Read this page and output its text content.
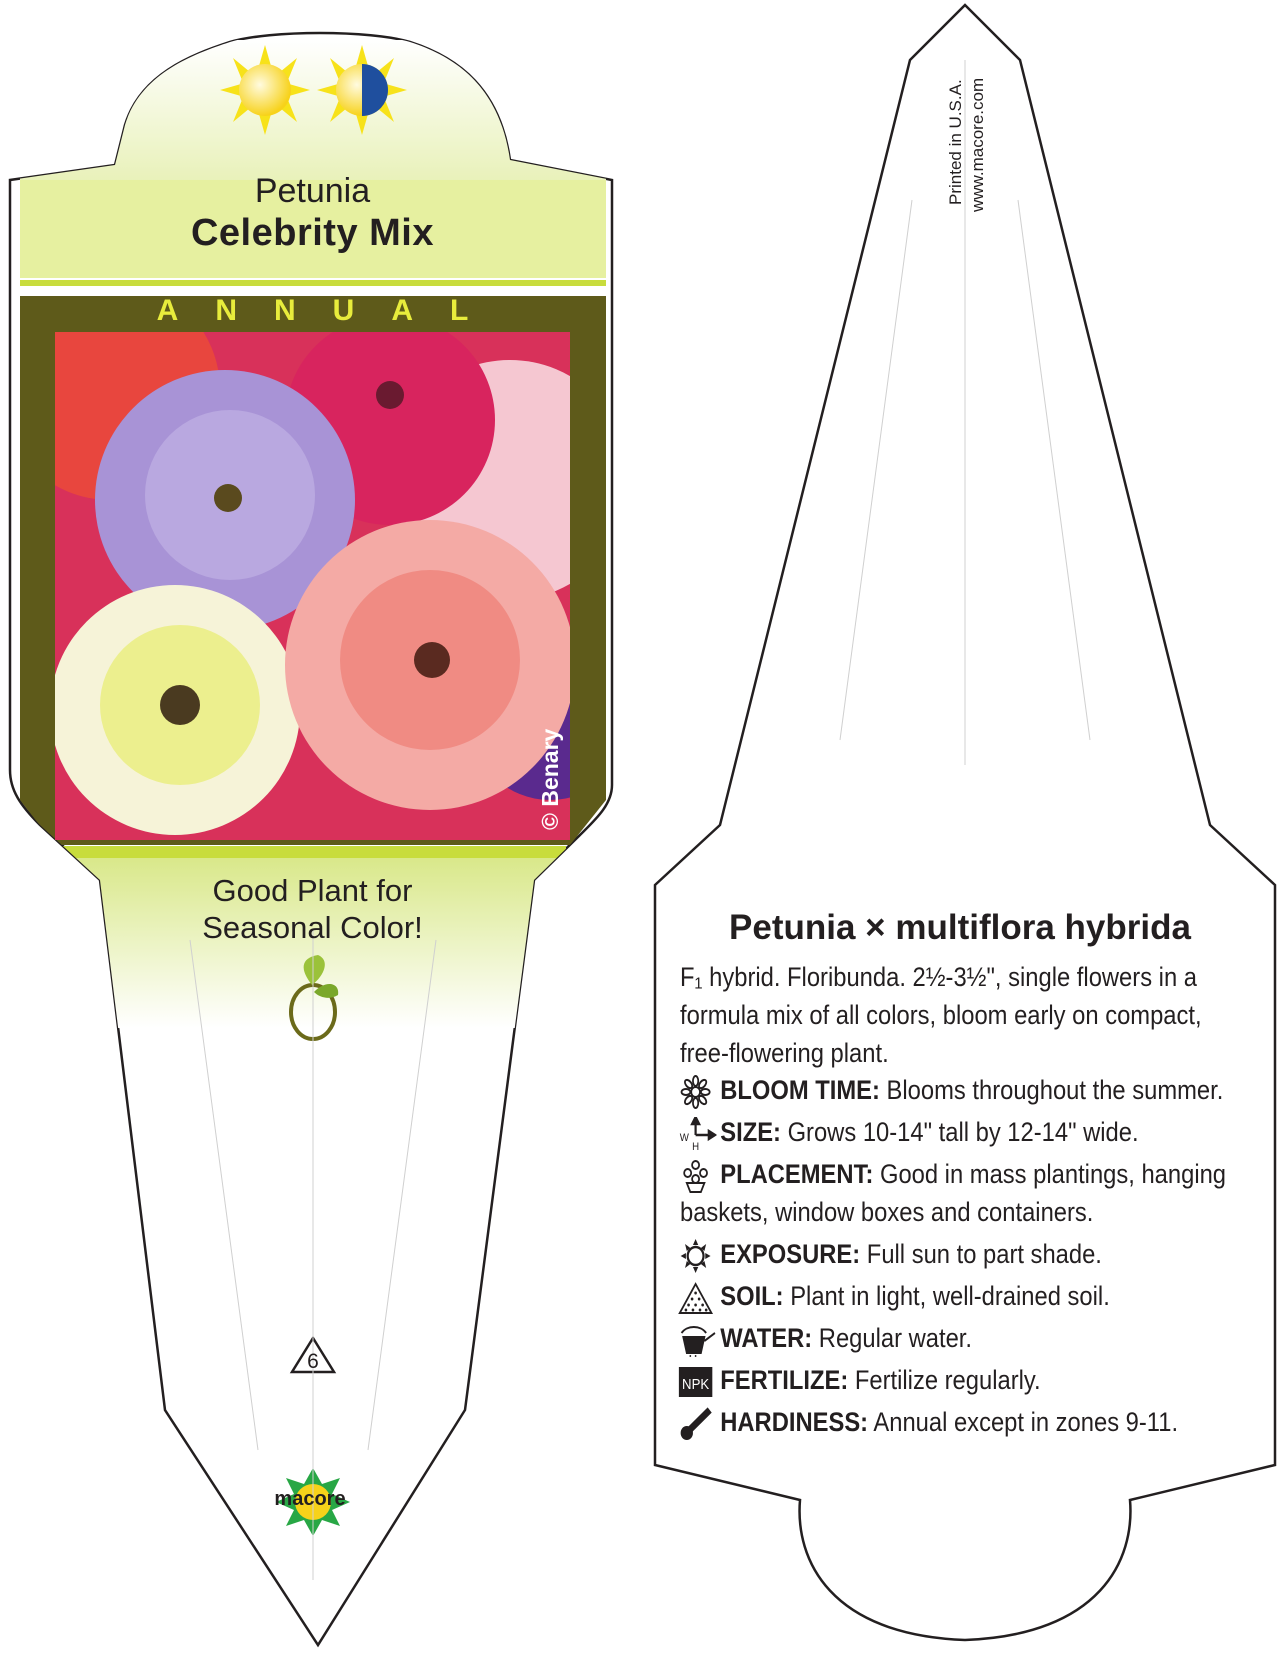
Petunia
Celebrity Mix
ANNUAL
© Benary
Good Plant for
Seasonal Color!
6
macore
Printed in U.S.A. www.macore.com
Petunia × multiflora hybrida
F₁ hybrid. Floribunda. 2½-3½", single flowers in a
formula mix of all colors, bloom early on compact,
free-flowering plant.
BLOOM TIME: Blooms throughout the summer.
W
H
SIZE: Grows 10-14" tall by 12-14" wide.
PLACEMENT: Good in mass plantings, hanging
baskets, window boxes and containers.
EXPOSURE: Full sun to part shade.
SOIL: Plant in light, well-drained soil.
WATER: Regular water.
NPK FERTILIZE: Fertilize regularly.
HARDINESS: Annual except in zones 9-11.
